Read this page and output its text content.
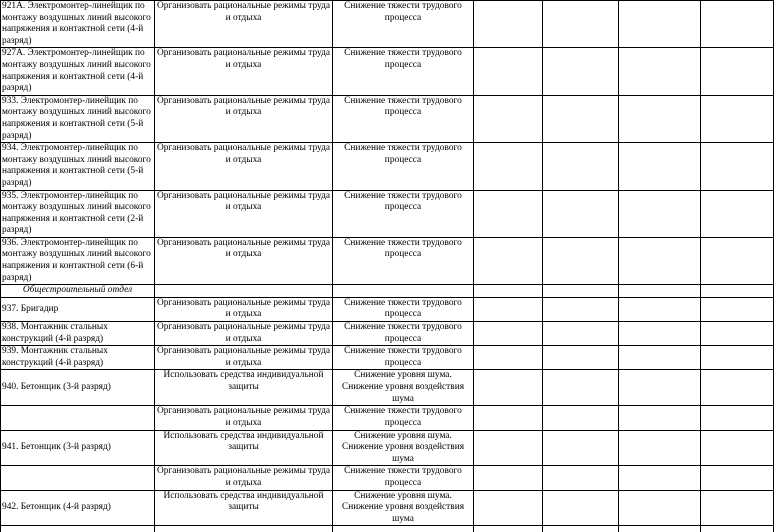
921А. Электромонтер-линейщик по монтажу воздушных линий высокого напряжения и контактной сети (4-й разряд)	Организовать рациональные режимы труда и отдыха	Снижение тяжести трудового процесса				
927А. Электромонтер-линейщик по монтажу воздушных линий высокого напряжения и контактной сети (4-й разряд)	Организовать рациональные режимы труда и отдыха	Снижение тяжести трудового процесса				
933. Электромонтер-линейщик по монтажу воздушных линий высокого напряжения и контактной сети (5-й разряд)	Организовать рациональные режимы труда и отдыха	Снижение тяжести трудового процесса				
934. Электромонтер-линейщик по монтажу воздушных линий высокого напряжения и контактной сети (5-й разряд)	Организовать рациональные режимы труда и отдыха	Снижение тяжести трудового процесса				
935. Электромонтер-линейщик по монтажу воздушных линий высокого напряжения и контактной сети (2-й разряд)	Организовать рациональные режимы труда и отдыха	Снижение тяжести трудового процесса				
936. Электромонтер-линейщик по монтажу воздушных линий высокого напряжения и контактной сети (6-й разряд)	Организовать рациональные режимы труда и отдыха	Снижение тяжести трудового процесса				
Общестроительный отдел						
937. Бригадир	Организовать рациональные режимы труда и отдыха	Снижение тяжести трудового процесса				
938. Монтажник стальных конструкций (4-й разряд)	Организовать рациональные режимы труда и отдыха	Снижение тяжести трудового процесса				
939. Монтажник стальных конструкций (4-й разряд)	Организовать рациональные режимы труда и отдыха	Снижение тяжести трудового процесса				
940. Бетонщик (3-й разряд)	Использовать средства индивидуальной защиты	Снижение уровня шума. Снижение уровня воздействия шума				
	Организовать рациональные режимы труда и отдыха	Снижение тяжести трудового процесса				
941. Бетонщик (3-й разряд)	Использовать средства индивидуальной защиты	Снижение уровня шума. Снижение уровня воздействия шума				
	Организовать рациональные режимы труда и отдыха	Снижение тяжести трудового процесса				
942. Бетонщик (4-й разряд)	Использовать средства индивидуальной защиты	Снижение уровня шума. Снижение уровня воздействия шума				
